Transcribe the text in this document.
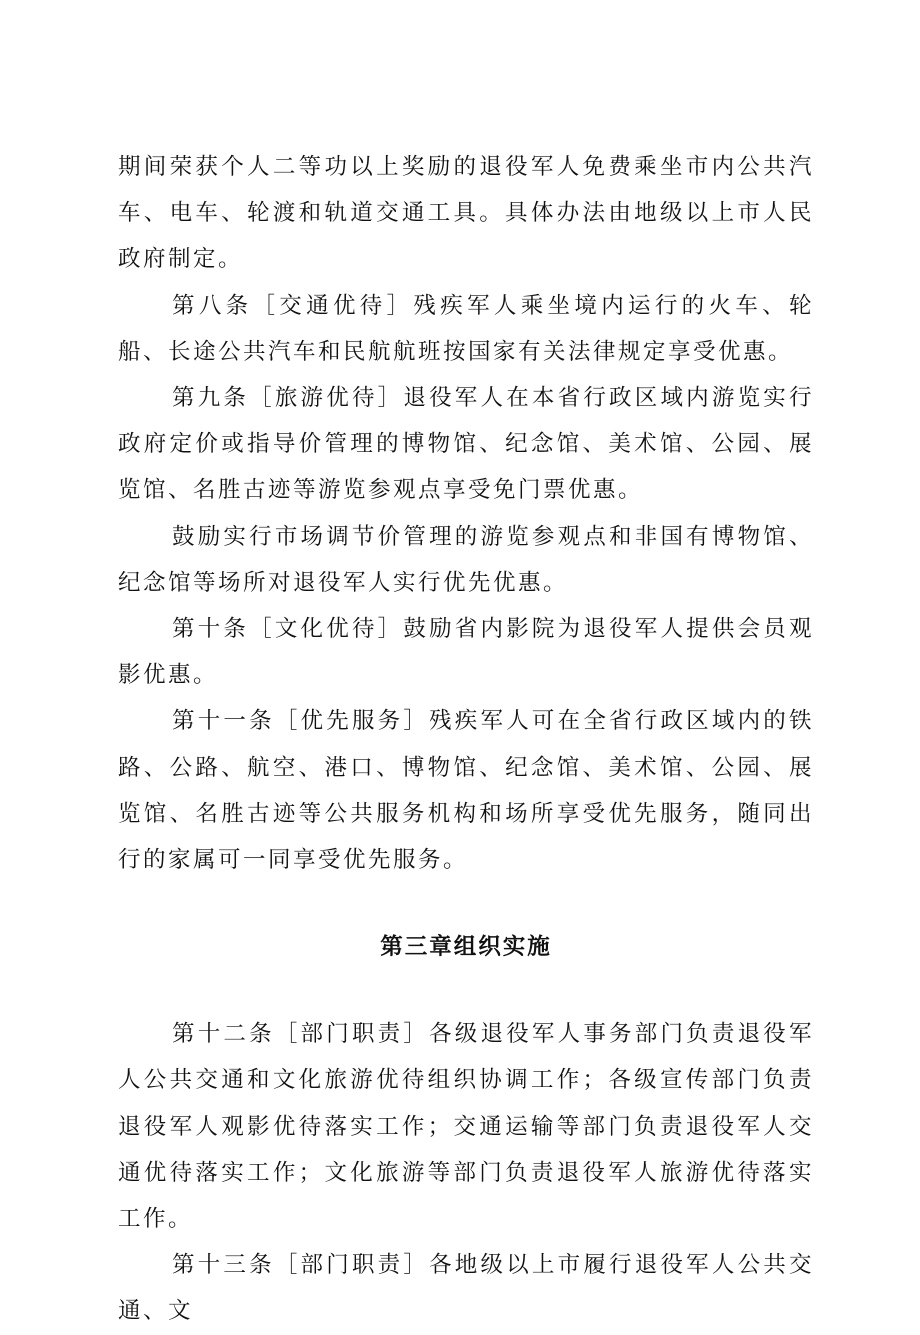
期间荣获个人二等功以上奖励的退役军人免费乘坐市内公共汽车、电车、轮渡和轨道交通工具。具体办法由地级以上市人民政府制定。

第八条［交通优待］残疾军人乘坐境内运行的火车、轮船、长途公共汽车和民航航班按国家有关法律规定享受优惠。

第九条［旅游优待］退役军人在本省行政区域内游览实行政府定价或指导价管理的博物馆、纪念馆、美术馆、公园、展览馆、名胜古迹等游览参观点享受免门票优惠。

鼓励实行市场调节价管理的游览参观点和非国有博物馆、纪念馆等场所对退役军人实行优先优惠。

第十条［文化优待］鼓励省内影院为退役军人提供会员观影优惠。

第十一条［优先服务］残疾军人可在全省行政区域内的铁路、公路、航空、港口、博物馆、纪念馆、美术馆、公园、展览馆、名胜古迹等公共服务机构和场所享受优先服务，随同出行的家属可一同享受优先服务。

第三章组织实施

第十二条［部门职责］各级退役军人事务部门负责退役军人公共交通和文化旅游优待组织协调工作；各级宣传部门负责退役军人观影优待落实工作；交通运输等部门负责退役军人交通优待落实工作；文化旅游等部门负责退役军人旅游优待落实工作。

第十三条［部门职责］各地级以上市履行退役军人公共交通、文
